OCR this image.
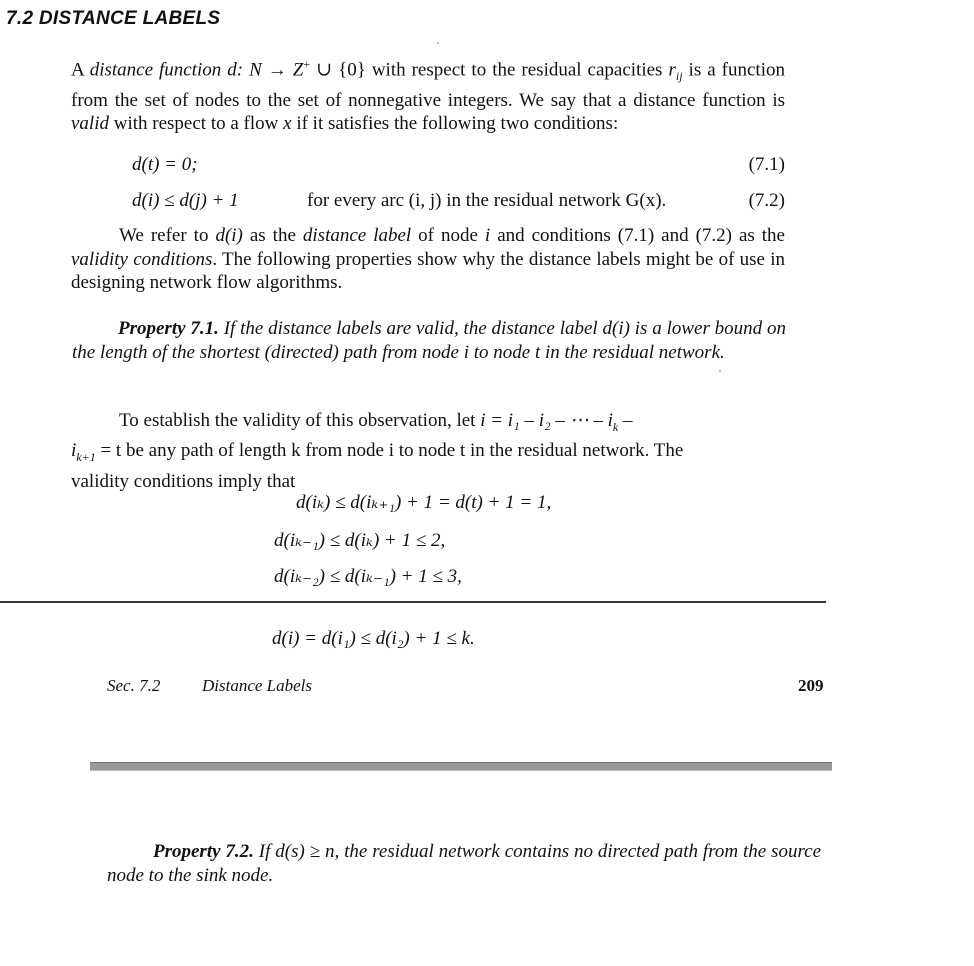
7.2 DISTANCE LABELS
A distance function d: N → Z+ ∪ {0} with respect to the residual capacities $r_{ij}$ is a function from the set of nodes to the set of nonnegative integers. We say that a distance function is valid with respect to a flow x if it satisfies the following two conditions:
d(t) = 0;	(7.1)
d(i) ≤ d(j) + 1	for every arc (i, j) in the residual network G(x).	(7.2)
We refer to d(i) as the distance label of node i and conditions (7.1) and (7.2) as the validity conditions. The following properties show why the distance labels might be of use in designing network flow algorithms.
Property 7.1. If the distance labels are valid, the distance label d(i) is a lower bound on the length of the shortest (directed) path from node i to node t in the residual network.
To establish the validity of this observation, let i = i₁ – i₂ – ⋯ – $i_k$ –
$i_{k+1} = t$ be any path of length k from node i to node t in the residual network. The
validity conditions imply that
d(iₖ) ≤ d(iₖ₊₁) + 1 = d(t) + 1 = 1,
d(iₖ₋₁) ≤ d(iₖ) + 1 ≤ 2,
d(iₖ₋₂) ≤ d(iₖ₋₁) + 1 ≤ 3,
d(i) = d(i₁) ≤ d(i₂) + 1 ≤ k.
Sec. 7.2 Distance Labels	209
Property 7.2. If d(s) ≥ n, the residual network contains no directed path from the source node to the sink node.
